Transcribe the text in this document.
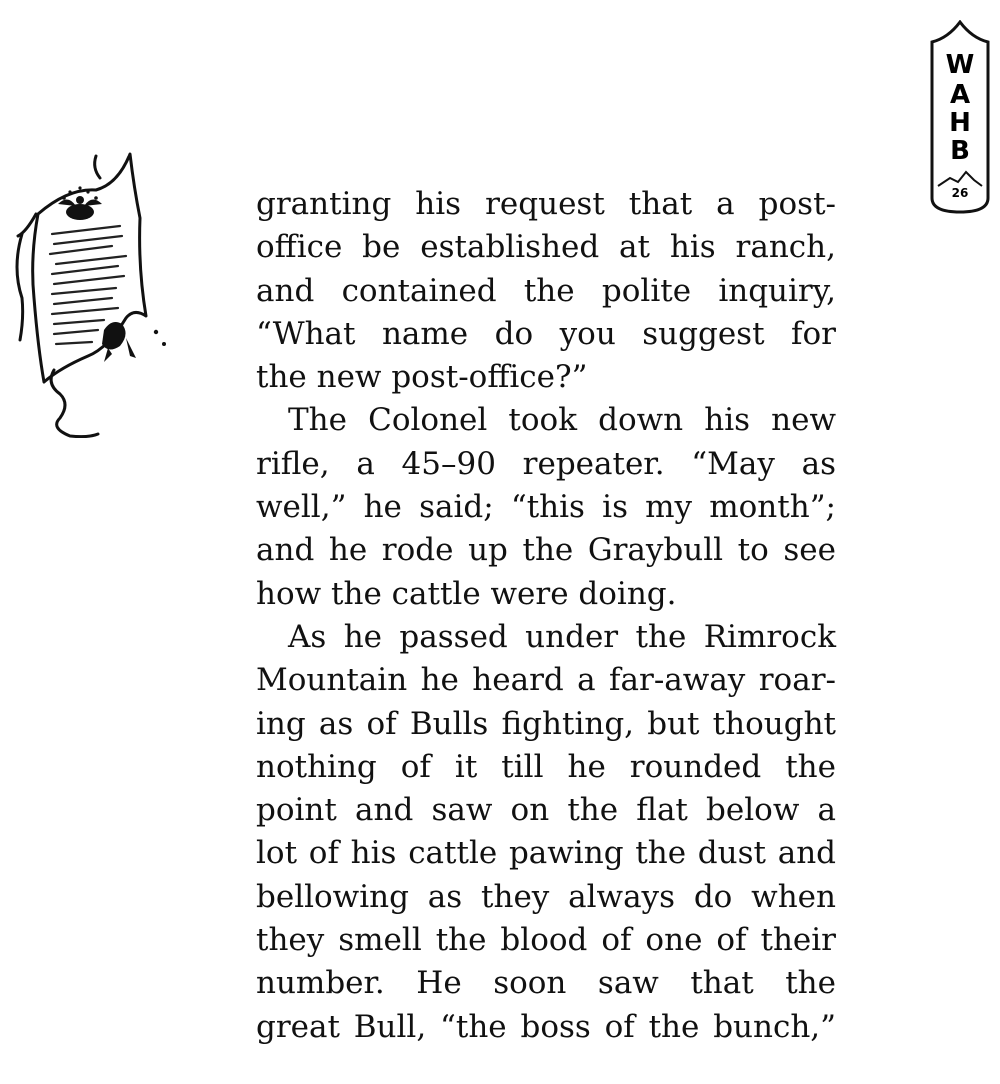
W
A
H
B
26
granting his request that a post-
office be established at his ranch,
and contained the polite inquiry,
“What name do you suggest for
the new post-office?”
The Colonel took down his new
rifle, a 45–90 repeater. “May as
well,” he said; “this is my month”;
and he rode up the Graybull to see
how the cattle were doing.
As he passed under the Rimrock
Mountain he heard a far-away roar-
ing as of Bulls fighting, but thought
nothing of it till he rounded the
point and saw on the flat below a
lot of his cattle pawing the dust and
bellowing as they always do when
they smell the blood of one of their
number. He soon saw that the
great Bull, “the boss of the bunch,”
